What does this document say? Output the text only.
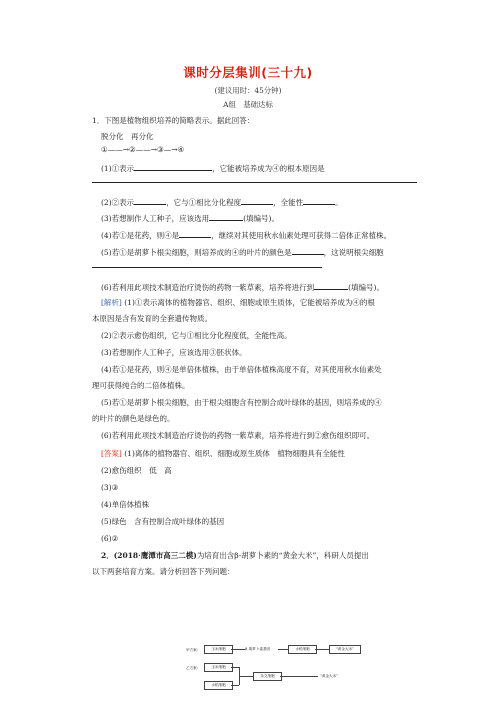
课时分层集训(三十九)
(建议用时：45分钟)
A组　基础达标
1．下图是植物组织培养的简略表示。据此回答：
脱分化　再分化
①——→②——→③—→④
(1)①表示	，它能被培养成为④的根本原因是
(2)②表示	，它与①相比分化程度	，全能性	。
(3)若想制作人工种子，应该选用	(填编号)。
(4)若①是花药，则④是	，继续对其使用秋水仙素处理可获得二倍体正常植株。
(5)若①是胡萝卜根尖细胞，则培养成的④的叶片的颜色是	，这说明根尖细胞
(6)若利用此项技术制造治疗烫伤的药物一紫草素，培养将进行到	(填编号)。
[解析] (1)①表示离体的植物器官、组织、细胞或原生质体，它能被培养成为④的根
本原因是含有发育的全套遗传物质。
(2)②表示愈伤组织，它与①相比分化程度低，全能性高。
(3)若想制作人工种子，应该选用③胚状体。
(4)若①是花药，则④是单倍体植株，由于单倍体植株高度不育，对其使用秋水仙素处
理可获得纯合的二倍体植株。
(5)若①是胡萝卜根尖细胞，由于根尖细胞含有控制合成叶绿体的基因，则培养成的④
的叶片的颜色是绿色的。
(6)若利用此项技术制造治疗烫伤的药物一紫草素，培养将进行到②愈伤组织即可。
[答案] (1)离体的植物器官、组织、细胞或原生质体　植物细胞具有全能性
(2)愈伤组织　低　高
(3)③
(4)单倍体植株
(5)绿色　含有控制合成叶绿体的基因
(6)②
2．(2018·鹰潭市高三二模)为培育出含β-胡萝卜素的“黄金大米”，科研人员提出
以下两套培育方案。请分析回答下列问题：
甲方案:	玉米细胞	β-胡萝卜素基因	水稻细胞	“黄金大米”
乙方案:	玉米细胞
水稻细胞
杂交细胞	“黄金大米”
